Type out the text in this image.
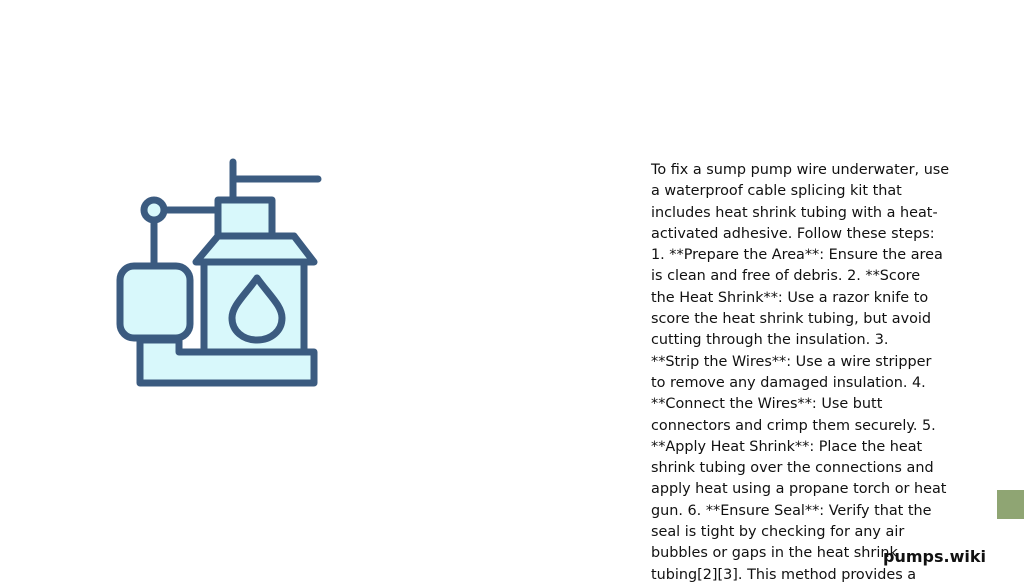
To fix a sump pump wire underwater, use
a waterproof cable splicing kit that
includes heat shrink tubing with a heat-
activated adhesive. Follow these steps:
1. **Prepare the Area**: Ensure the area
is clean and free of debris. 2. **Score
the Heat Shrink**: Use a razor knife to
score the heat shrink tubing, but avoid
cutting through the insulation. 3.
**Strip the Wires**: Use a wire stripper
to remove any damaged insulation. 4.
**Connect the Wires**: Use butt
connectors and crimp them securely. 5.
**Apply Heat Shrink**: Place the heat
shrink tubing over the connections and
apply heat using a propane torch or heat
gun. 6. **Ensure Seal**: Verify that the
seal is tight by checking for any air
bubbles or gaps in the heat shrink
tubing[2][3]. This method provides a
pumps.wiki
